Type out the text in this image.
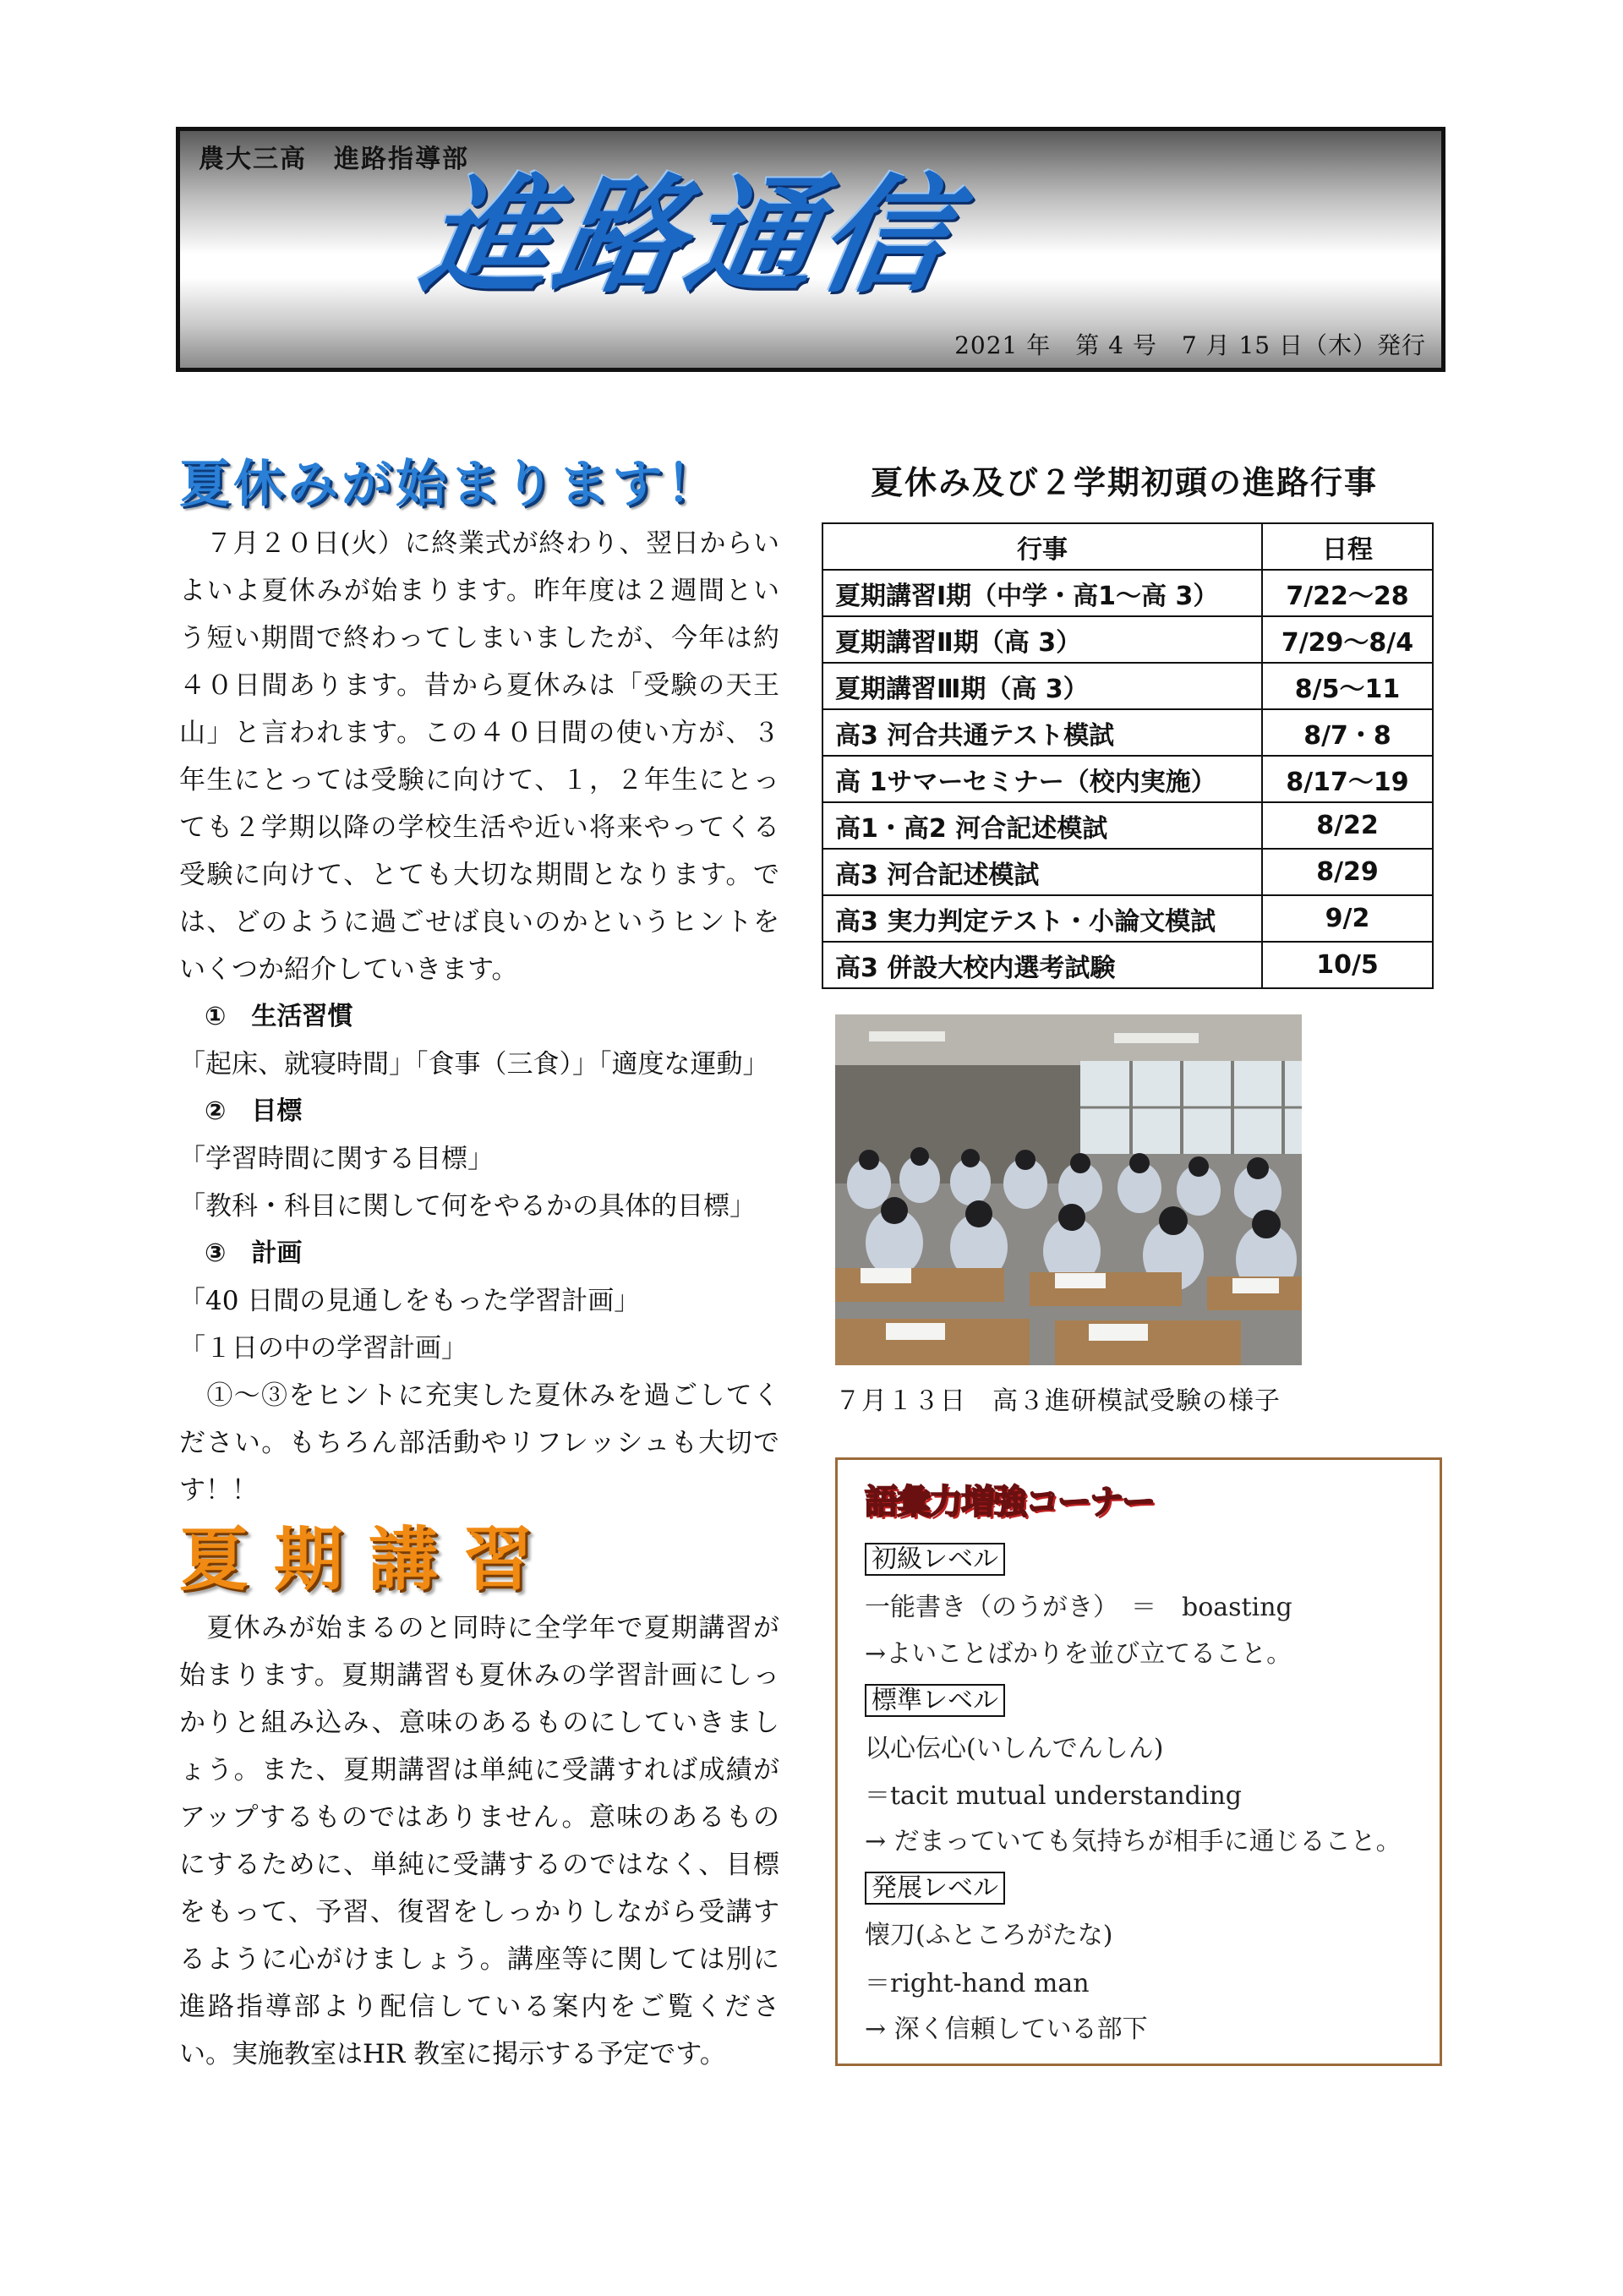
農大三高　進路指導部
進路通信
2021 年　第 4 号　7 月 15 日（木）発行
夏休みが始まります！
　７月２０日(火）に終業式が終わり、翌日からいよいよ夏休みが始まります。昨年度は２週間という短い期間で終わってしまいましたが、今年は約４０日間あります。昔から夏休みは「受験の天王山」と言われます。この４０日間の使い方が、３年生にとっては受験に向けて、１，２年生にとっても２学期以降の学校生活や近い将来やってくる受験に向けて、とても大切な期間となります。では、どのように過ごせば良いのかというヒントをいくつか紹介していきます。
　①　 生活習慣
「起床、就寝時間」「食事（三食）」「適度な運動」
　②　 目標
「学習時間に関する目標」
「教科・科目に関して何をやるかの具体的目標」
　③　 計画
「40 日間の見通しをもった学習計画」
「１日の中の学習計画」
　①～③をヒントに充実した夏休みを過ごしてください。もちろん部活動やリフレッシュも大切です！！
夏期講習
　夏休みが始まるのと同時に全学年で夏期講習が始まります。夏期講習も夏休みの学習計画にしっかりと組み込み、意味のあるものにしていきましょう。また、夏期講習は単純に受講すれば成績がアップするものではありません。意味のあるものにするために、単純に受講するのではなく、目標をもって、予習、復習をしっかりしながら受講するように心がけましょう。講座等に関しては別に進路指導部より配信している案内をご覧ください。実施教室はHR 教室に掲示する予定です。
夏休み及び２学期初頭の進路行事
行事	日程
夏期講習Ⅰ期（中学・高1～高 3）	7/22～28
夏期講習Ⅱ期（高 3）	7/29～8/4
夏期講習Ⅲ期（高 3）	8/5～11
高3 河合共通テスト模試	8/7・8
高 1サマーセミナー（校内実施）	8/17～19
高1・高2 河合記述模試	8/22
高3 河合記述模試	8/29
高3 実力判定テスト・小論文模試	9/2
高3 併設大校内選考試験	10/5
７月１３日　高３進研模試受験の様子
語彙力増強コーナー
初級レベル
一能書き（のうがき）　＝　boasting
→よいことばかりを並び立てること。
標準レベル
以心伝心(いしんでんしん)
＝tacit mutual understanding
→ だまっていても気持ちが相手に通じること。
発展レベル
懐刀(ふところがたな)
＝right-hand man
→ 深く信頼している部下
